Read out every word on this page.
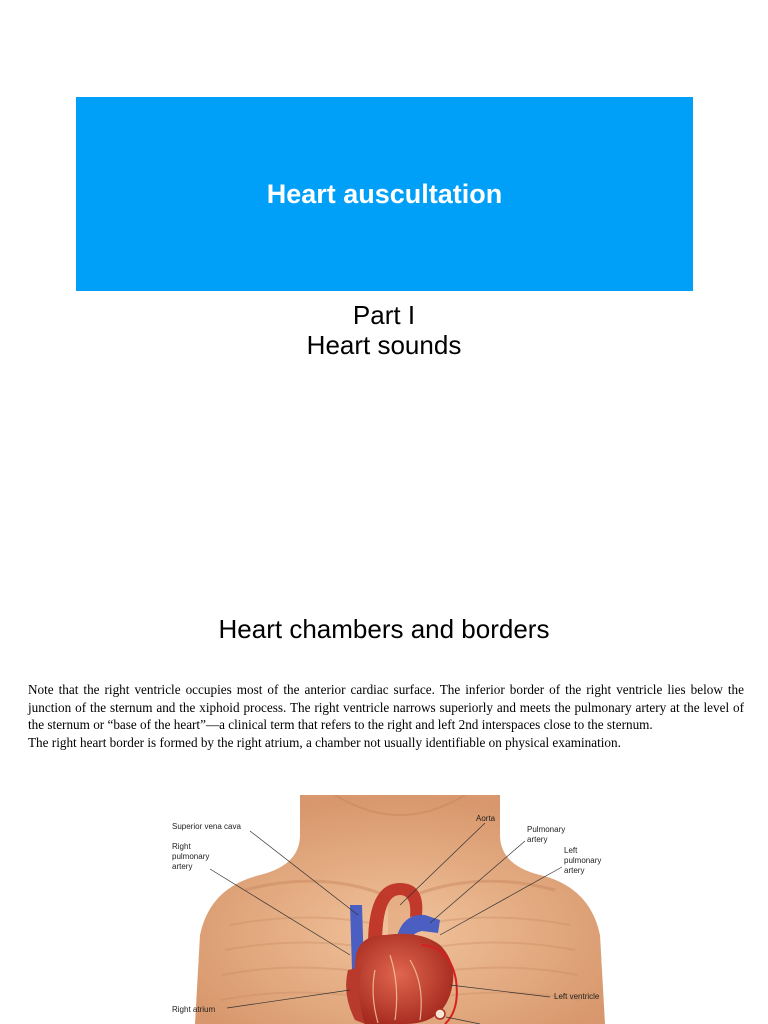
Heart auscultation
Part I
Heart sounds
Heart chambers and borders

Note that the right ventricle occupies most of the anterior cardiac surface. The inferior border of the right ventricle lies below the junction of the sternum and the xiphoid process. The right ventricle narrows superiorly and meets the pulmonary artery at the level of the sternum or “base of the heart”—a clinical term that refers to the right and left 2nd interspaces close to the sternum.

The right heart border is formed by the right atrium, a chamber not usually identifiable on physical examination.

Superior vena cava
Right
pulmonary
artery
Aorta
Pulmonary
artery
Left
pulmonary
artery
Left ventricle
Right atrium
